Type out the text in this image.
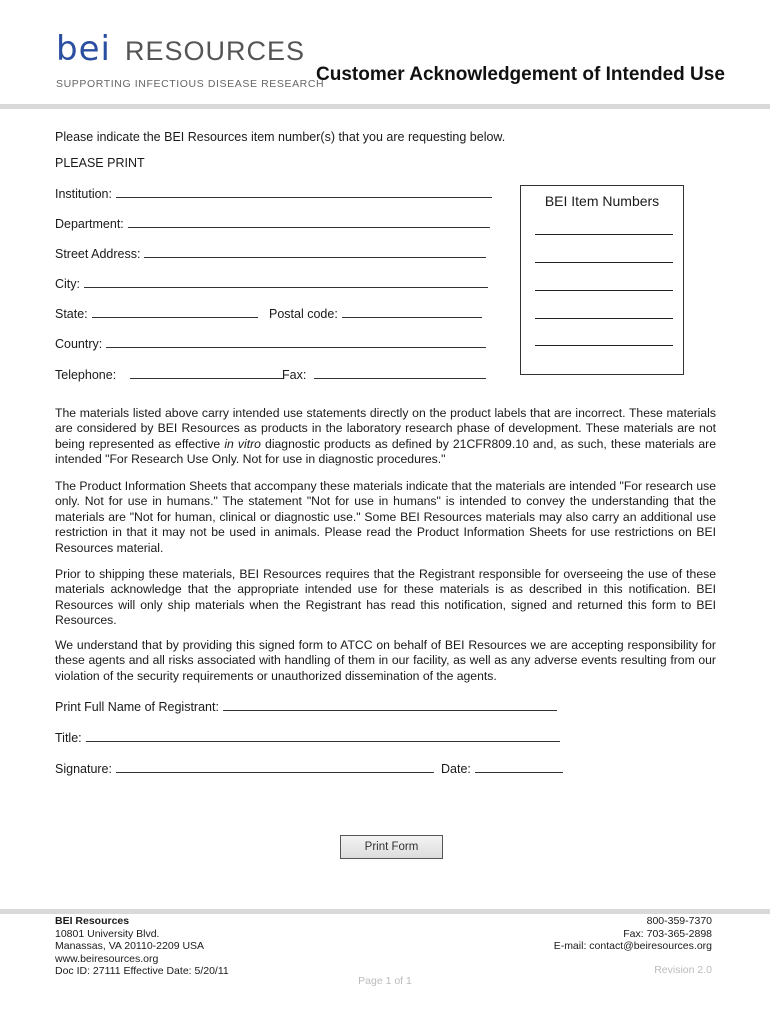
bei RESOURCES
SUPPORTING INFECTIOUS DISEASE RESEARCH
Customer Acknowledgement of Intended Use
Please indicate the BEI Resources item number(s) that you are requesting below.
PLEASE PRINT
Institution:
Department:
Street Address:
City:
State:	Postal code:
Country:
Telephone:	Fax:
BEI Item Numbers
The materials listed above carry intended use statements directly on the product labels that are incorrect. These materials are considered by BEI Resources as products in the laboratory research phase of development. These materials are not being represented as effective in vitro diagnostic products as defined by 21CFR809.10 and, as such, these materials are intended "For Research Use Only. Not for use in diagnostic procedures."
The Product Information Sheets that accompany these materials indicate that the materials are intended "For research use only. Not for use in humans." The statement "Not for use in humans" is intended to convey the understanding that the materials are "Not for human, clinical or diagnostic use." Some BEI Resources materials may also carry an additional use restriction in that it may not be used in animals. Please read the Product Information Sheets for use restrictions on BEI Resources material.
Prior to shipping these materials, BEI Resources requires that the Registrant responsible for overseeing the use of these materials acknowledge that the appropriate intended use for these materials is as described in this notification. BEI Resources will only ship materials when the Registrant has read this notification, signed and returned this form to BEI Resources.
We understand that by providing this signed form to ATCC on behalf of BEI Resources we are accepting responsibility for these agents and all risks associated with handling of them in our facility, as well as any adverse events resulting from our violation of the security requirements or unauthorized dissemination of the agents.
Print Full Name of Registrant:
Title:
Signature:	Date:
Print Form
BEI Resources
10801 University Blvd.
Manassas, VA 20110-2209 USA
www.beiresources.org
Doc ID: 27111 Effective Date: 5/20/11
800-359-7370
Fax: 703-365-2898
E-mail: contact@beiresources.org
Revision 2.0
Page 1 of 1
